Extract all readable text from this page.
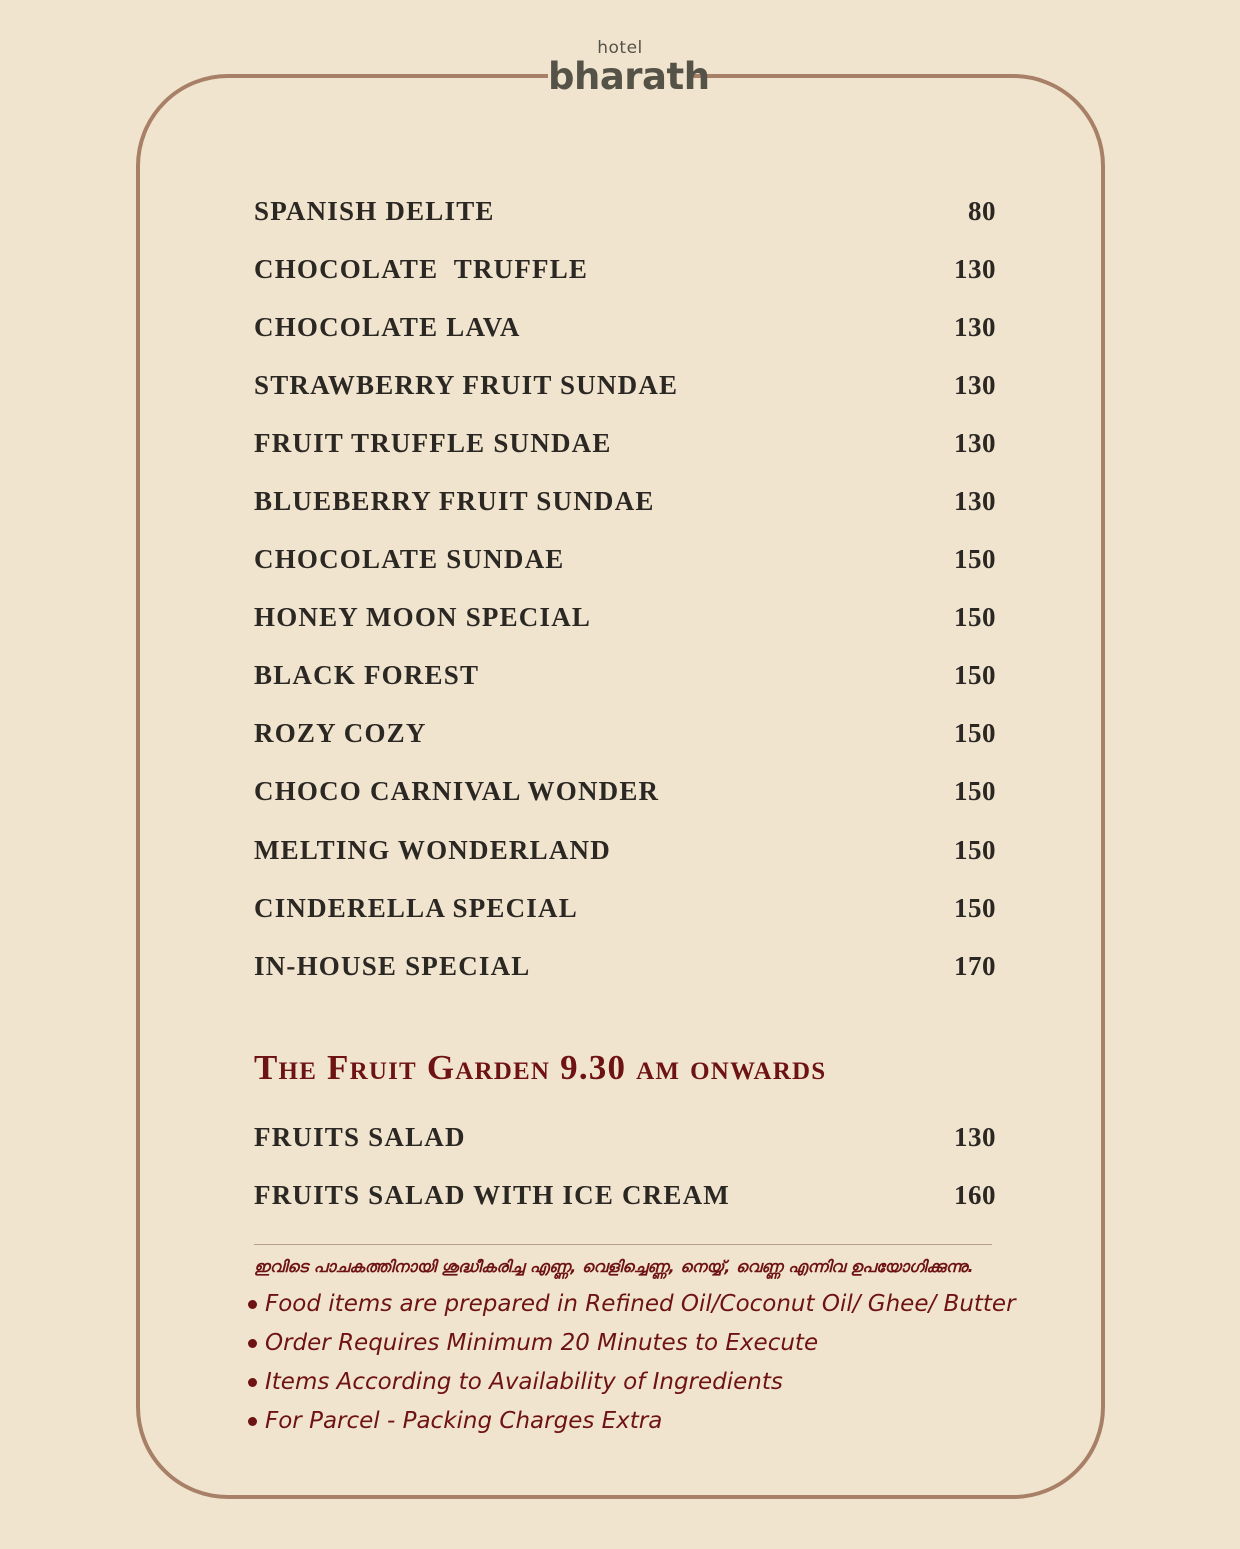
hotel
bharath
SPANISH DELITE	80
CHOCOLATE  TRUFFLE	130
CHOCOLATE LAVA	130
STRAWBERRY FRUIT SUNDAE	130
FRUIT TRUFFLE SUNDAE	130
BLUEBERRY FRUIT SUNDAE	130
CHOCOLATE SUNDAE	150
HONEY MOON SPECIAL	150
BLACK FOREST	150
ROZY COZY	150
CHOCO CARNIVAL WONDER	150
MELTING WONDERLAND	150
CINDERELLA SPECIAL	150
IN-HOUSE SPECIAL	170
The Fruit Garden 9.30 am onwards
FRUITS SALAD	130
FRUITS SALAD WITH ICE CREAM	160
ഇവിടെ പാചകത്തിനായി ശുദ്ധീകരിച്ച എണ്ണ, വെളിച്ചെണ്ണ, നെയ്യ്, വെണ്ണ എന്നിവ ഉപയോഗിക്കുന്നു.
Food items are prepared in Refined Oil/Coconut Oil/ Ghee/ Butter
Order Requires Minimum 20 Minutes to Execute
Items According to Availability of Ingredients
For Parcel - Packing Charges Extra
